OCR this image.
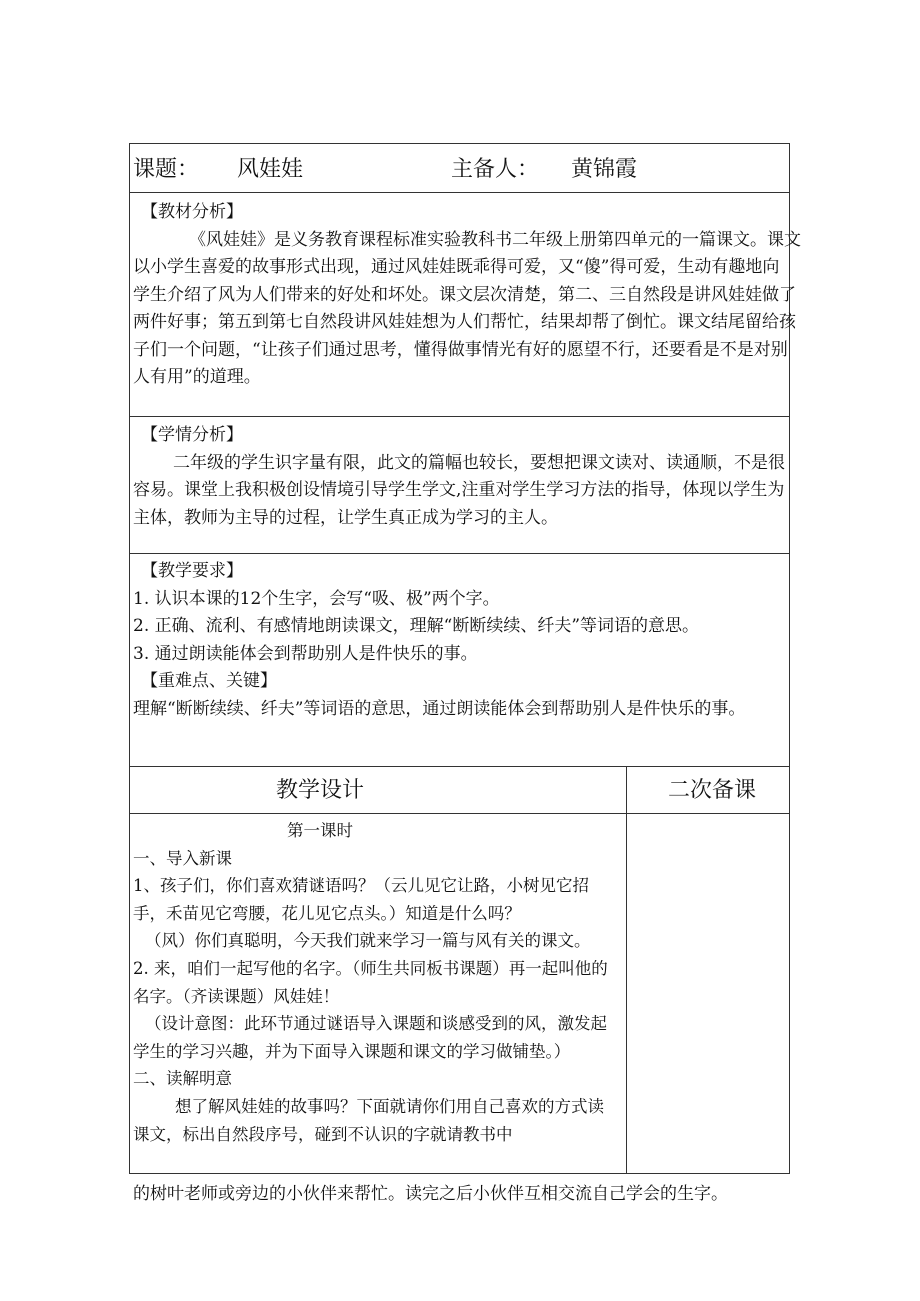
课题： 风娃娃	主备人： 黄锦霞

【教材分析】

《风娃娃》是义务教育课程标准实验教科书二年级上册第四单元的一篇课文。课文

以小学生喜爱的故事形式出现，通过风娃娃既乖得可爱，又“傻”得可爱，生动有趣地向

学生介绍了风为人们带来的好处和坏处。课文层次清楚，第二、三自然段是讲风娃娃做了

两件好事；第五到第七自然段讲风娃娃想为人们帮忙，结果却帮了倒忙。课文结尾留给孩

子们一个问题，“让孩子们通过思考，懂得做事情光有好的愿望不行，还要看是不是对别

人有用”的道理。

【学情分析】

二年级的学生识字量有限，此文的篇幅也较长，要想把课文读对、读通顺，不是很

容易。课堂上我积极创设情境引导学生学文,注重对学生学习方法的指导，体现以学生为

主体，教师为主导的过程，让学生真正成为学习的主人。

【教学要求】

1. 认识本课的12个生字，会写“吸、极”两个字。

2. 正确、流利、有感情地朗读课文，理解“断断续续、纤夫”等词语的意思。

3. 通过朗读能体会到帮助别人是件快乐的事。

【重难点、关键】

理解“断断续续、纤夫”等词语的意思，通过朗读能体会到帮助别人是件快乐的事。

教学设计	二次备课

第一课时

一、导入新课

1、孩子们，你们喜欢猜谜语吗？（云儿见它让路，小树见它招

手，禾苗见它弯腰，花儿见它点头。）知道是什么吗？

（风）你们真聪明，今天我们就来学习一篇与风有关的课文。

2. 来，咱们一起写他的名字。（师生共同板书课题）再一起叫他的

名字。（齐读课题）风娃娃！

（设计意图：此环节通过谜语导入课题和谈感受到的风，激发起

学生的学习兴趣，并为下面导入课题和课文的学习做铺垫。）

二、读解明意

想了解风娃娃的故事吗？下面就请你们用自己喜欢的方式读

课文，标出自然段序号，碰到不认识的字就请教书中

的树叶老师或旁边的小伙伴来帮忙。读完之后小伙伴互相交流自己学会的生字。
